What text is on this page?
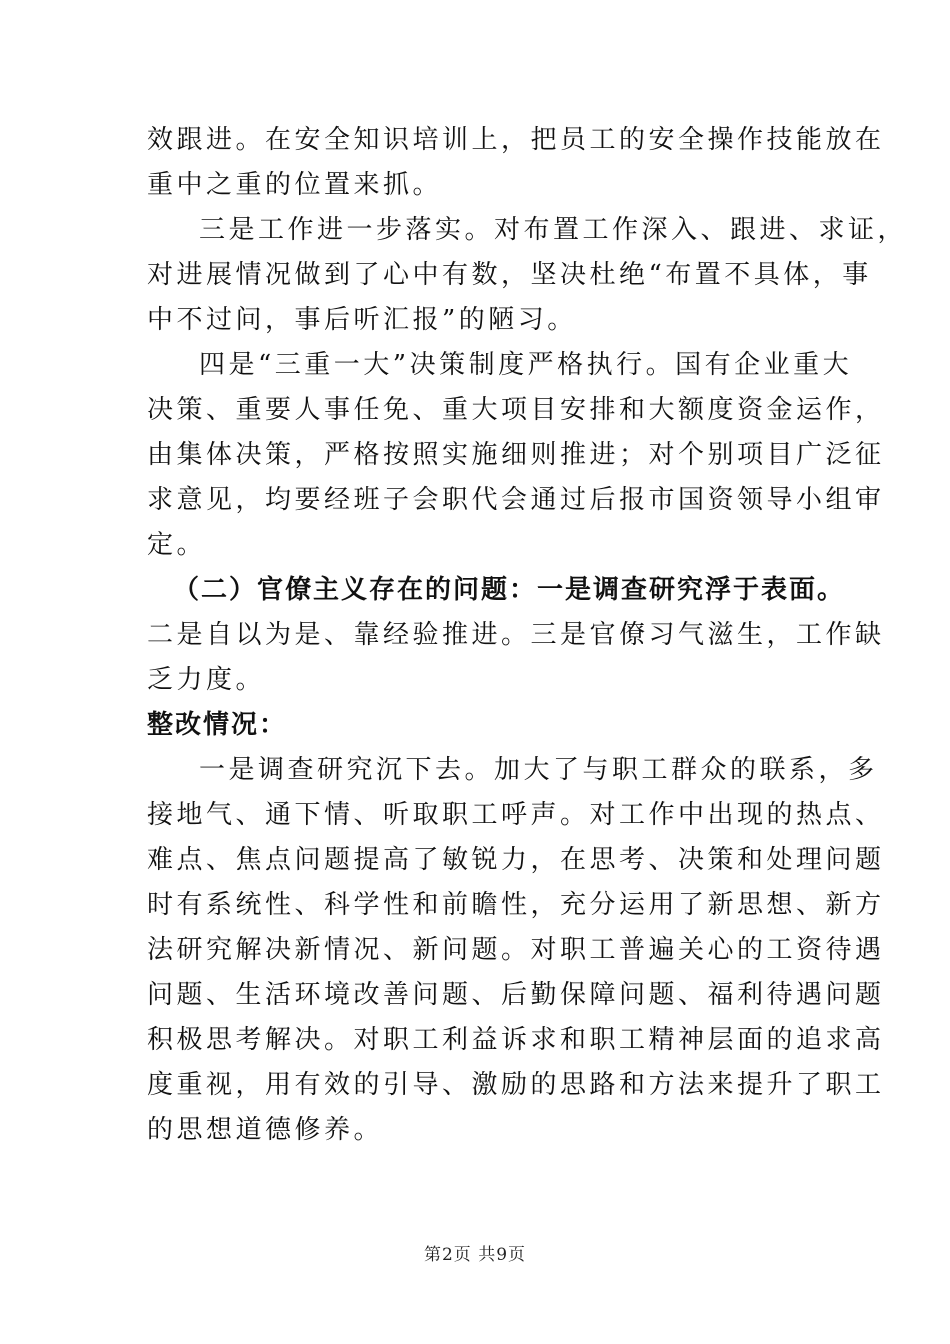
效跟进。在安全知识培训上，把员工的安全操作技能放在
重中之重的位置来抓。
三是工作进一步落实。对布置工作深入、跟进、求证，
对进展情况做到了心中有数，坚决杜绝“布置不具体，事
中不过问，事后听汇报”的陋习。
四是“三重一大”决策制度严格执行。国有企业重大
决策、重要人事任免、重大项目安排和大额度资金运作，
由集体决策，严格按照实施细则推进；对个别项目广泛征
求意见，均要经班子会职代会通过后报市国资领导小组审
定。
（二）官僚主义存在的问题：一是调查研究浮于表面。
二是自以为是、靠经验推进。三是官僚习气滋生，工作缺
乏力度。
整改情况：
一是调查研究沉下去。加大了与职工群众的联系，多
接地气、通下情、听取职工呼声。对工作中出现的热点、
难点、焦点问题提高了敏锐力，在思考、决策和处理问题
时有系统性、科学性和前瞻性，充分运用了新思想、新方
法研究解决新情况、新问题。对职工普遍关心的工资待遇
问题、生活环境改善问题、后勤保障问题、福利待遇问题
积极思考解决。对职工利益诉求和职工精神层面的追求高
度重视，用有效的引导、激励的思路和方法来提升了职工
的思想道德修养。
第2页 共9页
